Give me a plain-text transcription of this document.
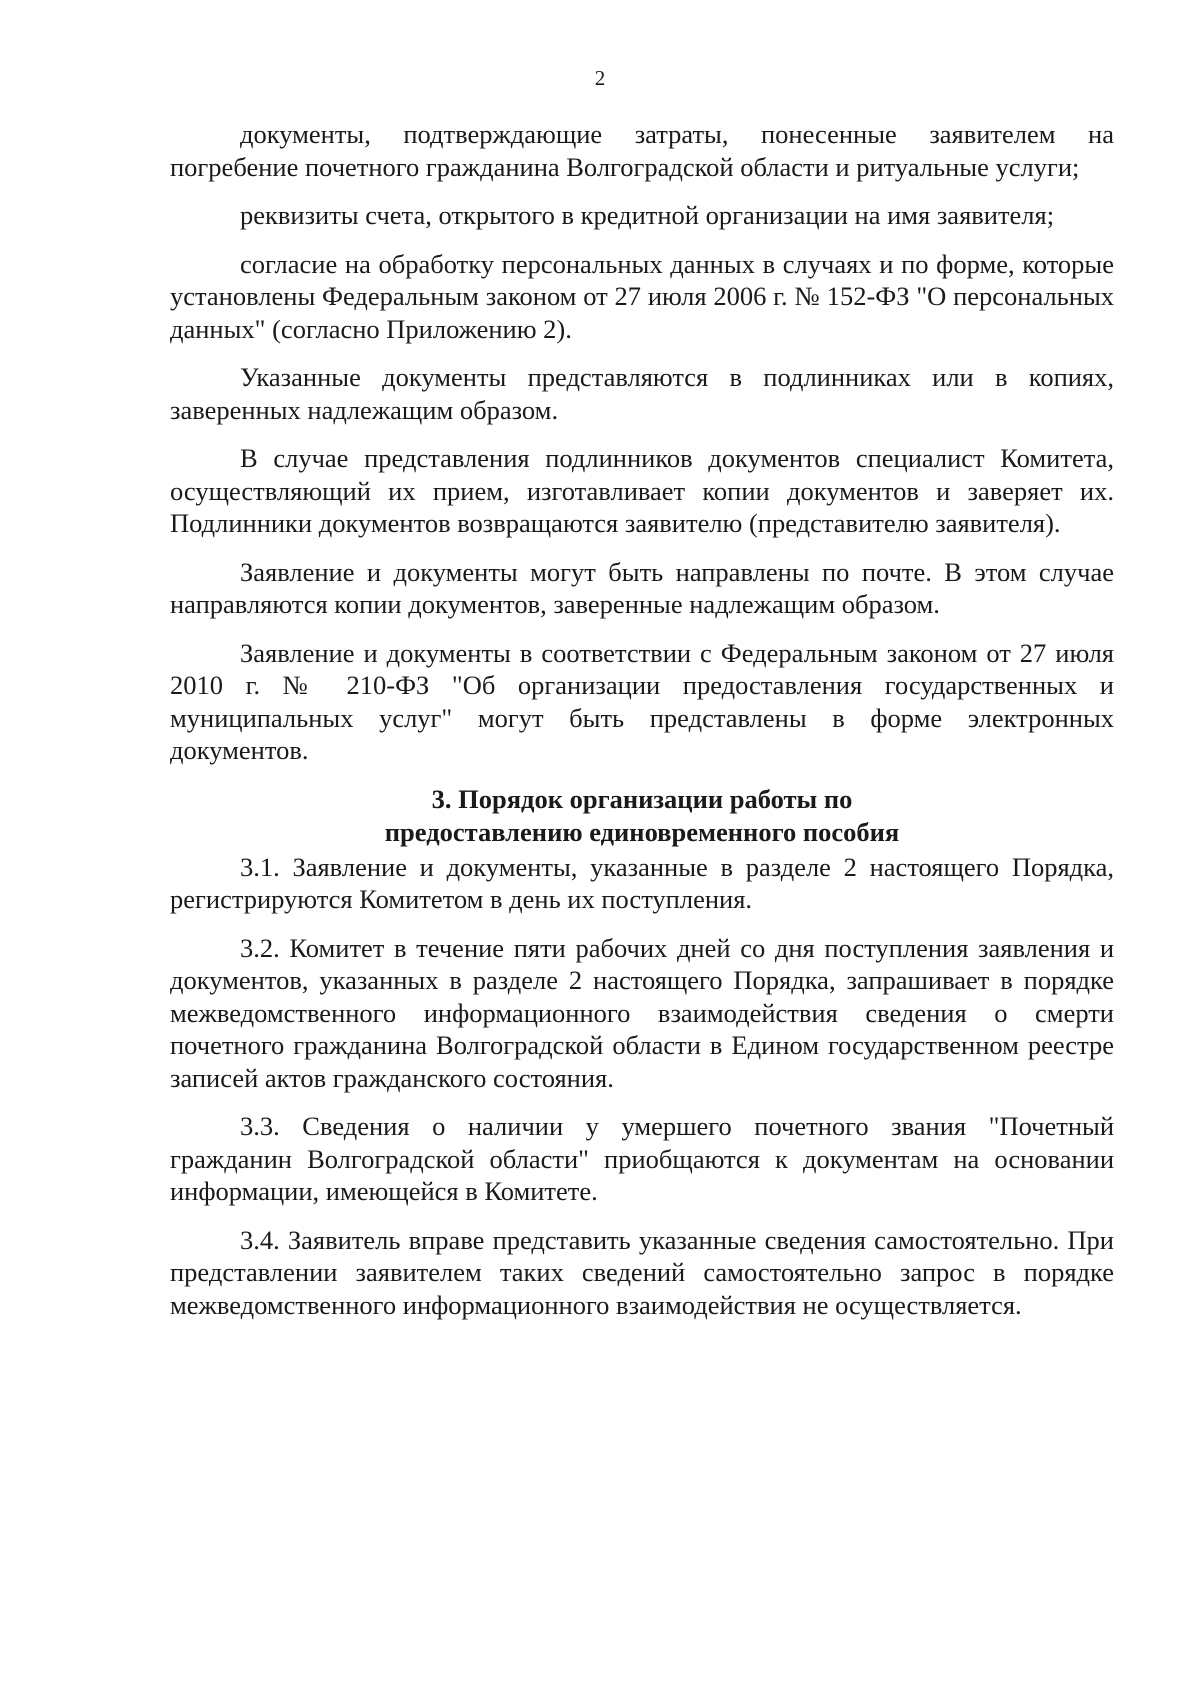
2

документы, подтверждающие затраты, понесенные заявителем на погребение почетного гражданина Волгоградской области и ритуальные услуги;

реквизиты счета, открытого в кредитной организации на имя заявителя;

согласие на обработку персональных данных в случаях и по форме, которые установлены Федеральным законом от 27 июля 2006 г. № 152-ФЗ "О персональных данных" (согласно Приложению 2).

Указанные документы представляются в подлинниках или в копиях, заверенных надлежащим образом.

В случае представления подлинников документов специалист Комитета, осуществляющий их прием, изготавливает копии документов и заверяет их. Подлинники документов возвращаются заявителю (представителю заявителя).

Заявление и документы могут быть направлены по почте. В этом случае направляются копии документов, заверенные надлежащим образом.

Заявление и документы в соответствии с Федеральным законом от 27 июля 2010 г. № 210-ФЗ "Об организации предоставления государственных и муниципальных услуг" могут быть представлены в форме электронных документов.

3. Порядок организации работы по
предоставлению единовременного пособия

3.1. Заявление и документы, указанные в разделе 2 настоящего Порядка, регистрируются Комитетом в день их поступления.

3.2. Комитет в течение пяти рабочих дней со дня поступления заявления и документов, указанных в разделе 2 настоящего Порядка, запрашивает в порядке межведомственного информационного взаимодействия сведения о смерти почетного гражданина Волгоградской области в Едином государственном реестре записей актов гражданского состояния.

3.3. Сведения о наличии у умершего почетного звания "Почетный гражданин Волгоградской области" приобщаются к документам на основании информации, имеющейся в Комитете.

3.4. Заявитель вправе представить указанные сведения самостоятельно. При представлении заявителем таких сведений самостоятельно запрос в порядке межведомственного информационного взаимодействия не осуществляется.
